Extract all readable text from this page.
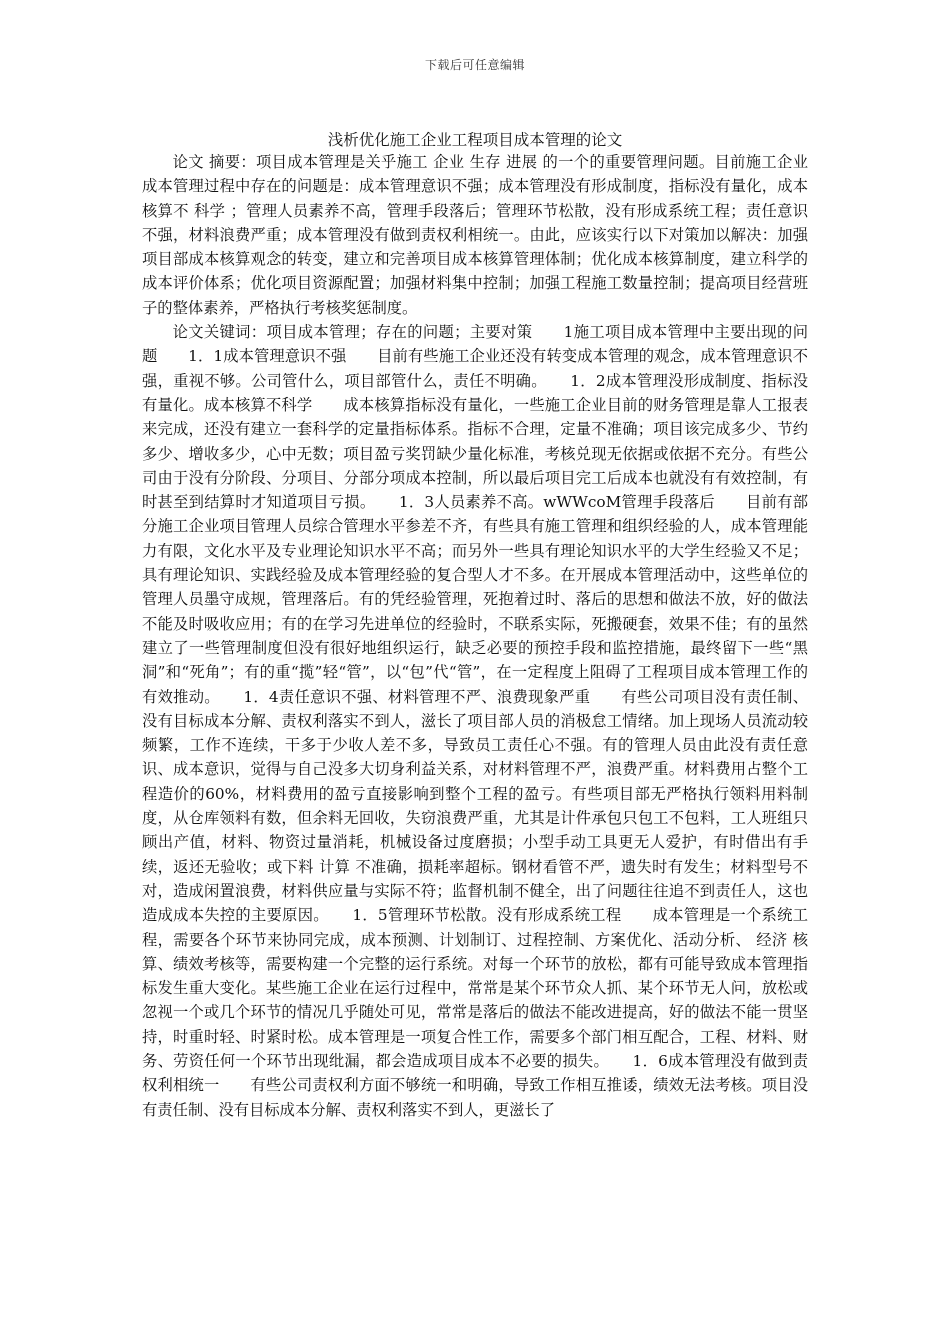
下载后可任意编辑
浅析优化施工企业工程项目成本管理的论文

论文 摘要：项目成本管理是关乎施工 企业 生存 进展 的一个的重要管理问题。目前施工企业成本管理过程中存在的问题是：成本管理意识不强；成本管理没有形成制度，指标没有量化，成本核算不 科学 ；管理人员素养不高，管理手段落后；管理环节松散，没有形成系统工程；责任意识不强，材料浪费严重；成本管理没有做到责权利相统一。由此，应该实行以下对策加以解决：加强项目部成本核算观念的转变，建立和完善项目成本核算管理体制；优化成本核算制度，建立科学的成本评价体系；优化项目资源配置；加强材料集中控制；加强工程施工数量控制；提高项目经营班子的整体素养，严格执行考核奖惩制度。

论文关键词：项目成本管理；存在的问题；主要对策　　1施工项目成本管理中主要出现的问题　　1．1成本管理意识不强　　目前有些施工企业还没有转变成本管理的观念，成本管理意识不强，重视不够。公司管什么，项目部管什么，责任不明确。　　1．2成本管理没形成制度、指标没有量化。成本核算不科学　　成本核算指标没有量化，一些施工企业目前的财务管理是靠人工报表来完成，还没有建立一套科学的定量指标体系。指标不合理，定量不准确；项目该完成多少、节约多少、增收多少，心中无数；项目盈亏奖罚缺少量化标准，考核兑现无依据或依据不充分。有些公司由于没有分阶段、分项目、分部分项成本控制，所以最后项目完工后成本也就没有有效控制，有时甚至到结算时才知道项目亏损。　　1．3人员素养不高。wWWcoM管理手段落后　　目前有部分施工企业项目管理人员综合管理水平参差不齐，有些具有施工管理和组织经验的人，成本管理能力有限，文化水平及专业理论知识水平不高；而另外一些具有理论知识水平的大学生经验又不足；具有理论知识、实践经验及成本管理经验的复合型人才不多。在开展成本管理活动中，这些单位的管理人员墨守成规，管理落后。有的凭经验管理，死抱着过时、落后的思想和做法不放，好的做法不能及时吸收应用；有的在学习先进单位的经验时，不联系实际，死搬硬套，效果不佳；有的虽然建立了一些管理制度但没有很好地组织运行，缺乏必要的预控手段和监控措施，最终留下一些“黑洞”和“死角”；有的重“揽”轻“管”，以“包”代“管”，在一定程度上阻碍了工程项目成本管理工作的有效推动。　　1．4责任意识不强、材料管理不严、浪费现象严重　　有些公司项目没有责任制、没有目标成本分解、责权利落实不到人，滋长了项目部人员的消极怠工情绪。加上现场人员流动较频繁，工作不连续，干多于少收人差不多，导致员工责任心不强。有的管理人员由此没有责任意识、成本意识，觉得与自己没多大切身利益关系，对材料管理不严，浪费严重。材料费用占整个工程造价的60%，材料费用的盈亏直接影响到整个工程的盈亏。有些项目部无严格执行领料用料制度，从仓库领料有数，但余料无回收，失窃浪费严重，尤其是计件承包只包工不包料，工人班组只顾出产值，材料、物资过量消耗，机械设备过度磨损；小型手动工具更无人爱护，有时借出有手续，返还无验收；或下料 计算 不准确，损耗率超标。钢材看管不严，遗失时有发生；材料型号不对，造成闲置浪费，材料供应量与实际不符；监督机制不健全，出了问题往往追不到责任人，这也造成成本失控的主要原因。　　1．5管理环节松散。没有形成系统工程　　成本管理是一个系统工程，需要各个环节来协同完成，成本预测、计划制订、过程控制、方案优化、活动分析、 经济 核算、绩效考核等，需要构建一个完整的运行系统。对每一个环节的放松，都有可能导致成本管理指标发生重大变化。某些施工企业在运行过程中，常常是某个环节众人抓、某个环节无人问，放松或忽视一个或几个环节的情况几乎随处可见，常常是落后的做法不能改进提高，好的做法不能一贯坚持，时重时轻、时紧时松。成本管理是一项复合性工作，需要多个部门相互配合，工程、材料、财务、劳资任何一个环节出现纰漏，都会造成项目成本不必要的损失。　　1．6成本管理没有做到责权利相统一　　有些公司责权利方面不够统一和明确，导致工作相互推诿，绩效无法考核。项目没有责任制、没有目标成本分解、责权利落实不到人，更滋长了
